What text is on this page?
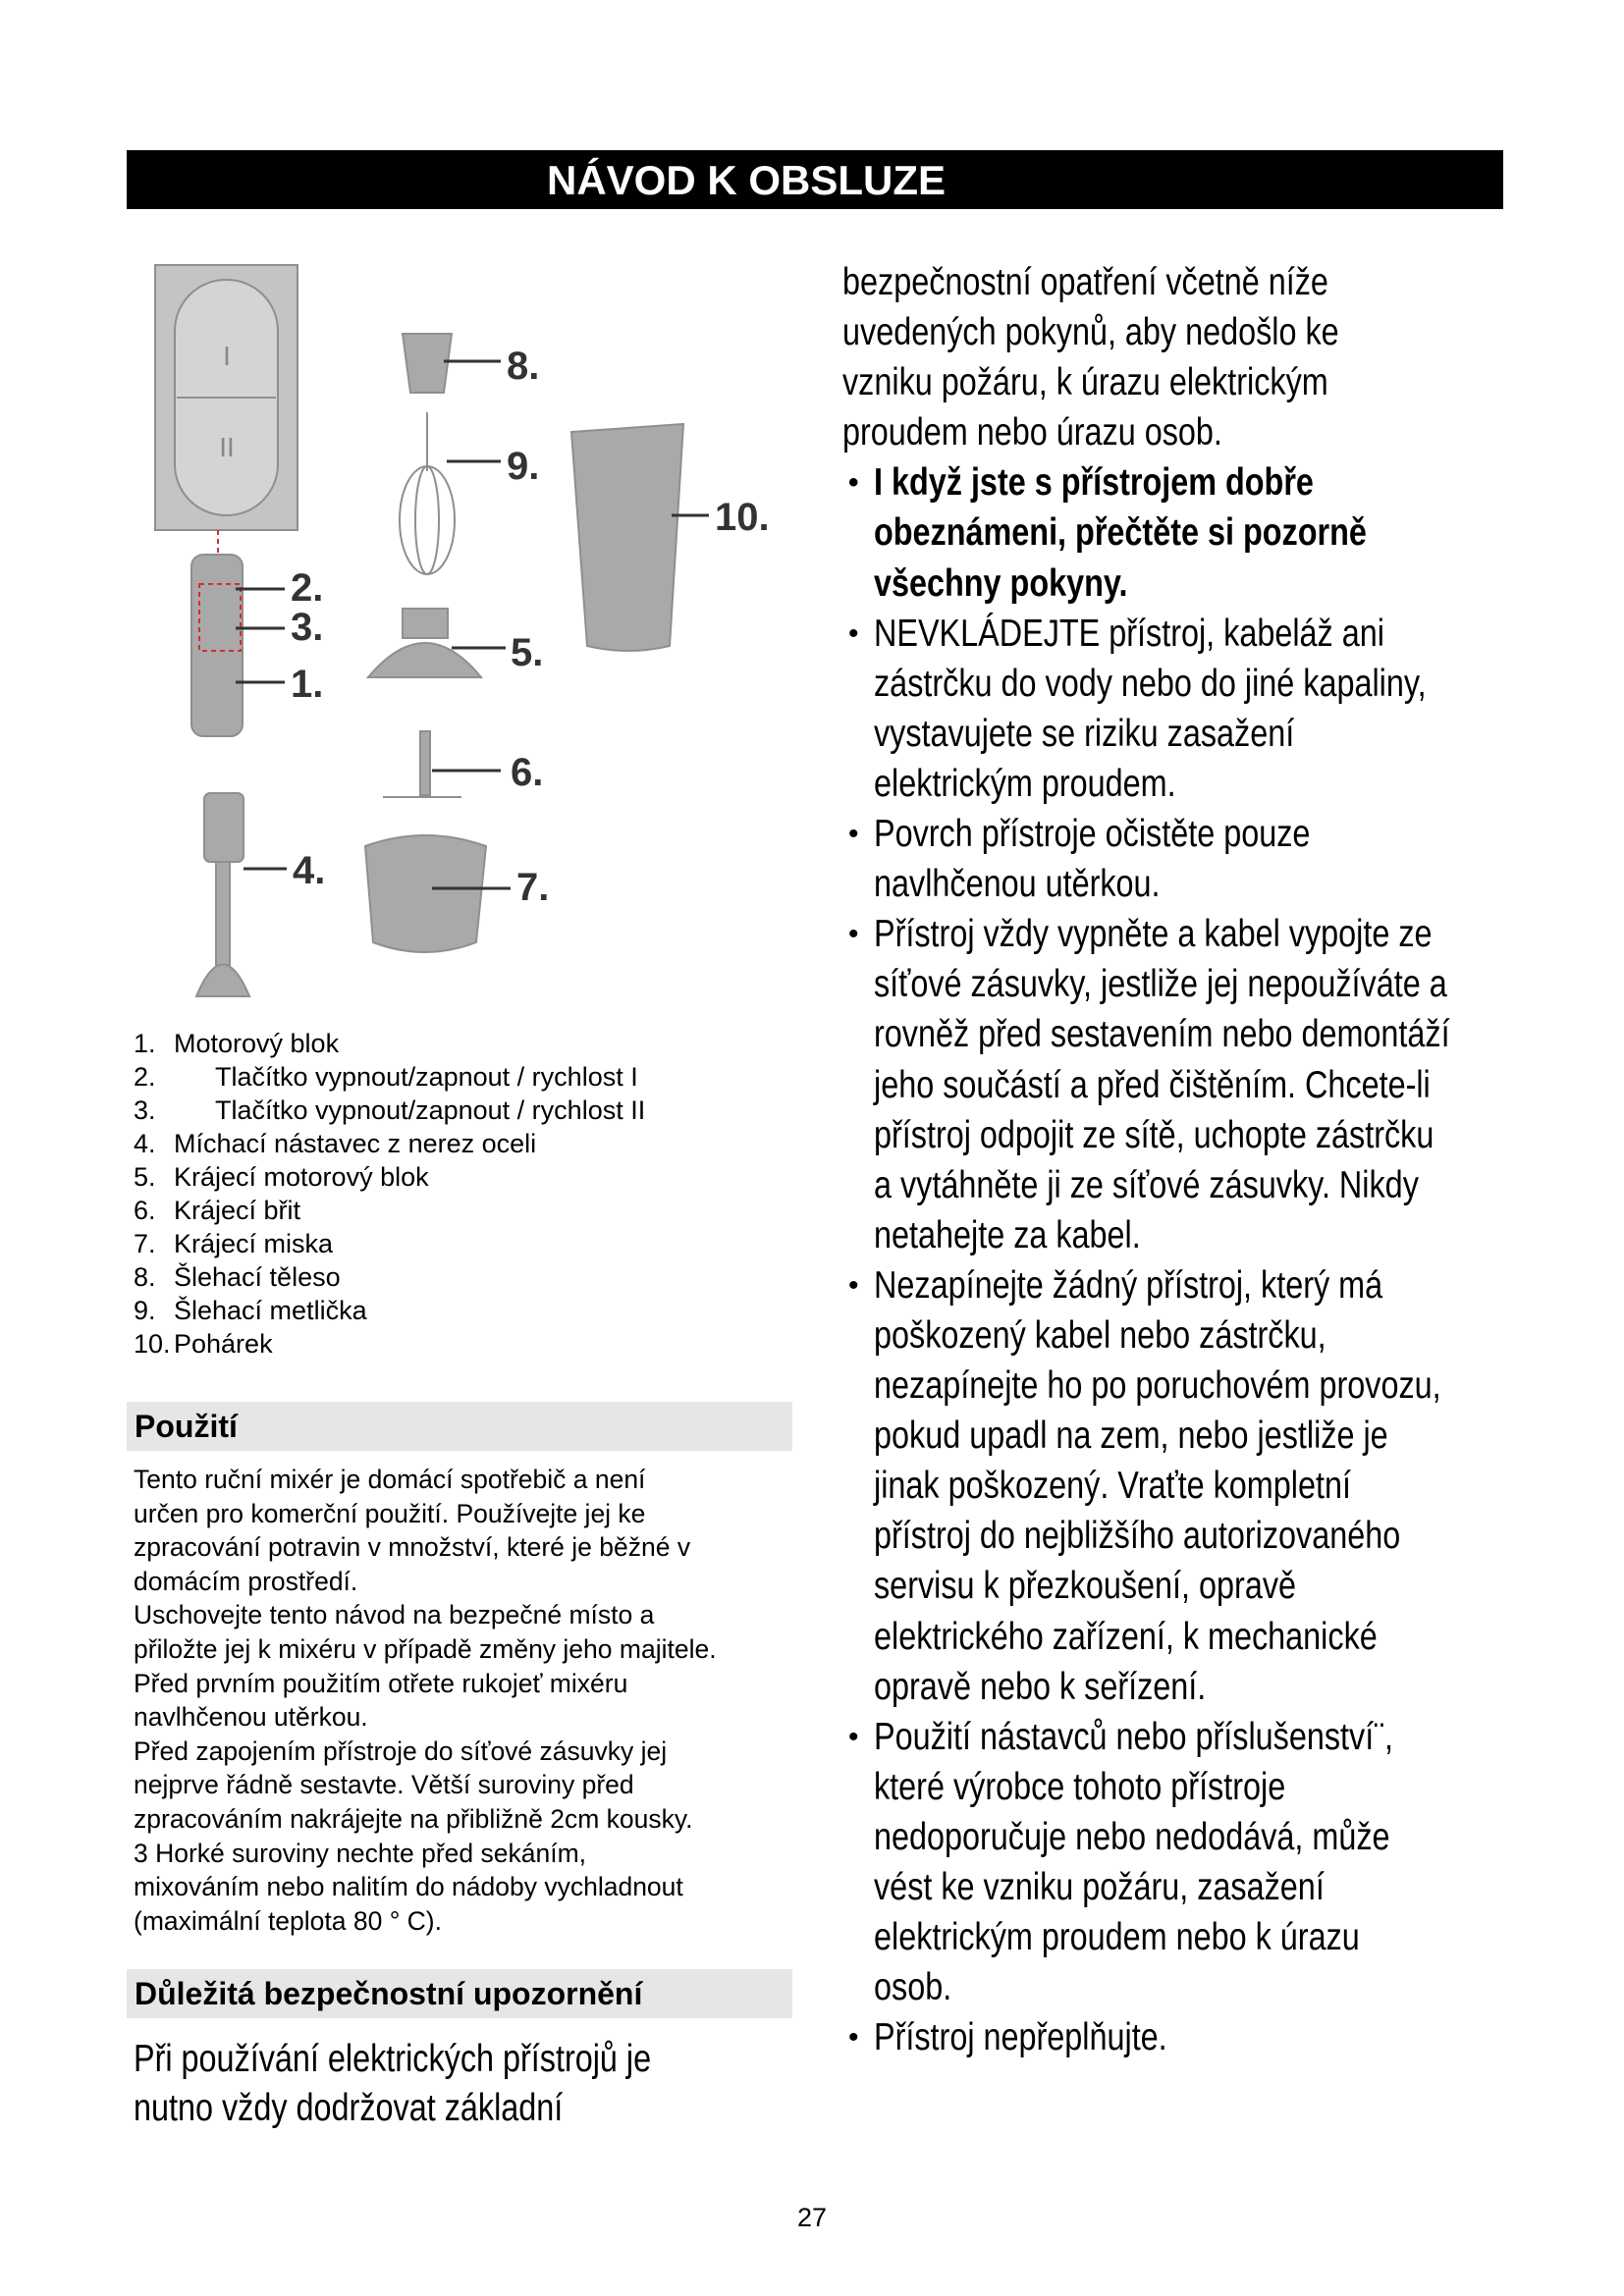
NÁVOD K OBSLUZE	CS
I
II
1.
2.
3.
4.
5.
6.
7.
8.
9.
10.
1. Motorový blok
2. Tlačítko vypnout/zapnout / rychlost I
3. Tlačítko vypnout/zapnout / rychlost II
4. Míchací nástavec z nerez oceli
5. Krájecí motorový blok
6. Krájecí břit
7. Krájecí miska
8. Šlehací těleso
9. Šlehací metlička
10. Pohárek
Použití
Tento ruční mixér je domácí spotřebič a není
určen pro komerční použití. Používejte jej ke
zpracování potravin v množství, které je běžné v
domácím prostředí.
Uschovejte tento návod na bezpečné místo a
přiložte jej k mixéru v případě změny jeho majitele.
Před prvním použitím otřete rukojeť mixéru
navlhčenou utěrkou.
Před zapojením přístroje do síťové zásuvky jej
nejprve řádně sestavte. Větší suroviny před
zpracováním nakrájejte na přibližně 2cm kousky.
3 Horké suroviny nechte před sekáním,
mixováním nebo nalitím do nádoby vychladnout
(maximální teplota 80 ° C).
Důležitá bezpečnostní upozornění
Při používání elektrických přístrojů je
nutno vždy dodržovat základní
bezpečnostní opatření včetně níže
uvedených pokynů, aby nedošlo ke
vzniku požáru, k úrazu elektrickým
proudem nebo úrazu osob.
• I když jste s přístrojem dobře
obeznámeni, přečtěte si pozorně
všechny pokyny.
• NEVKLÁDEJTE přístroj, kabeláž ani
zástrčku do vody nebo do jiné kapaliny,
vystavujete se riziku zasažení
elektrickým proudem.
• Povrch přístroje očistěte pouze
navlhčenou utěrkou.
• Přístroj vždy vypněte a kabel vypojte ze
síťové zásuvky, jestliže jej nepoužíváte a
rovněž před sestavením nebo demontáží
jeho součástí a před čištěním. Chcete-li
přístroj odpojit ze sítě, uchopte zástrčku
a vytáhněte ji ze síťové zásuvky. Nikdy
netahejte za kabel.
• Nezapínejte žádný přístroj, který má
poškozený kabel nebo zástrčku,
nezapínejte ho po poruchovém provozu,
pokud upadl na zem, nebo jestliže je
jinak poškozený. Vraťte kompletní
přístroj do nejbližšího autorizovaného
servisu k přezkoušení, opravě
elektrického zařízení, k mechanické
opravě nebo k seřízení.
• Použití nástavců nebo příslušenství¨,
které výrobce tohoto přístroje
nedoporučuje nebo nedodává, může
vést ke vzniku požáru, zasažení
elektrickým proudem nebo k úrazu
osob.
• Přístroj nepřeplňujte.
27
